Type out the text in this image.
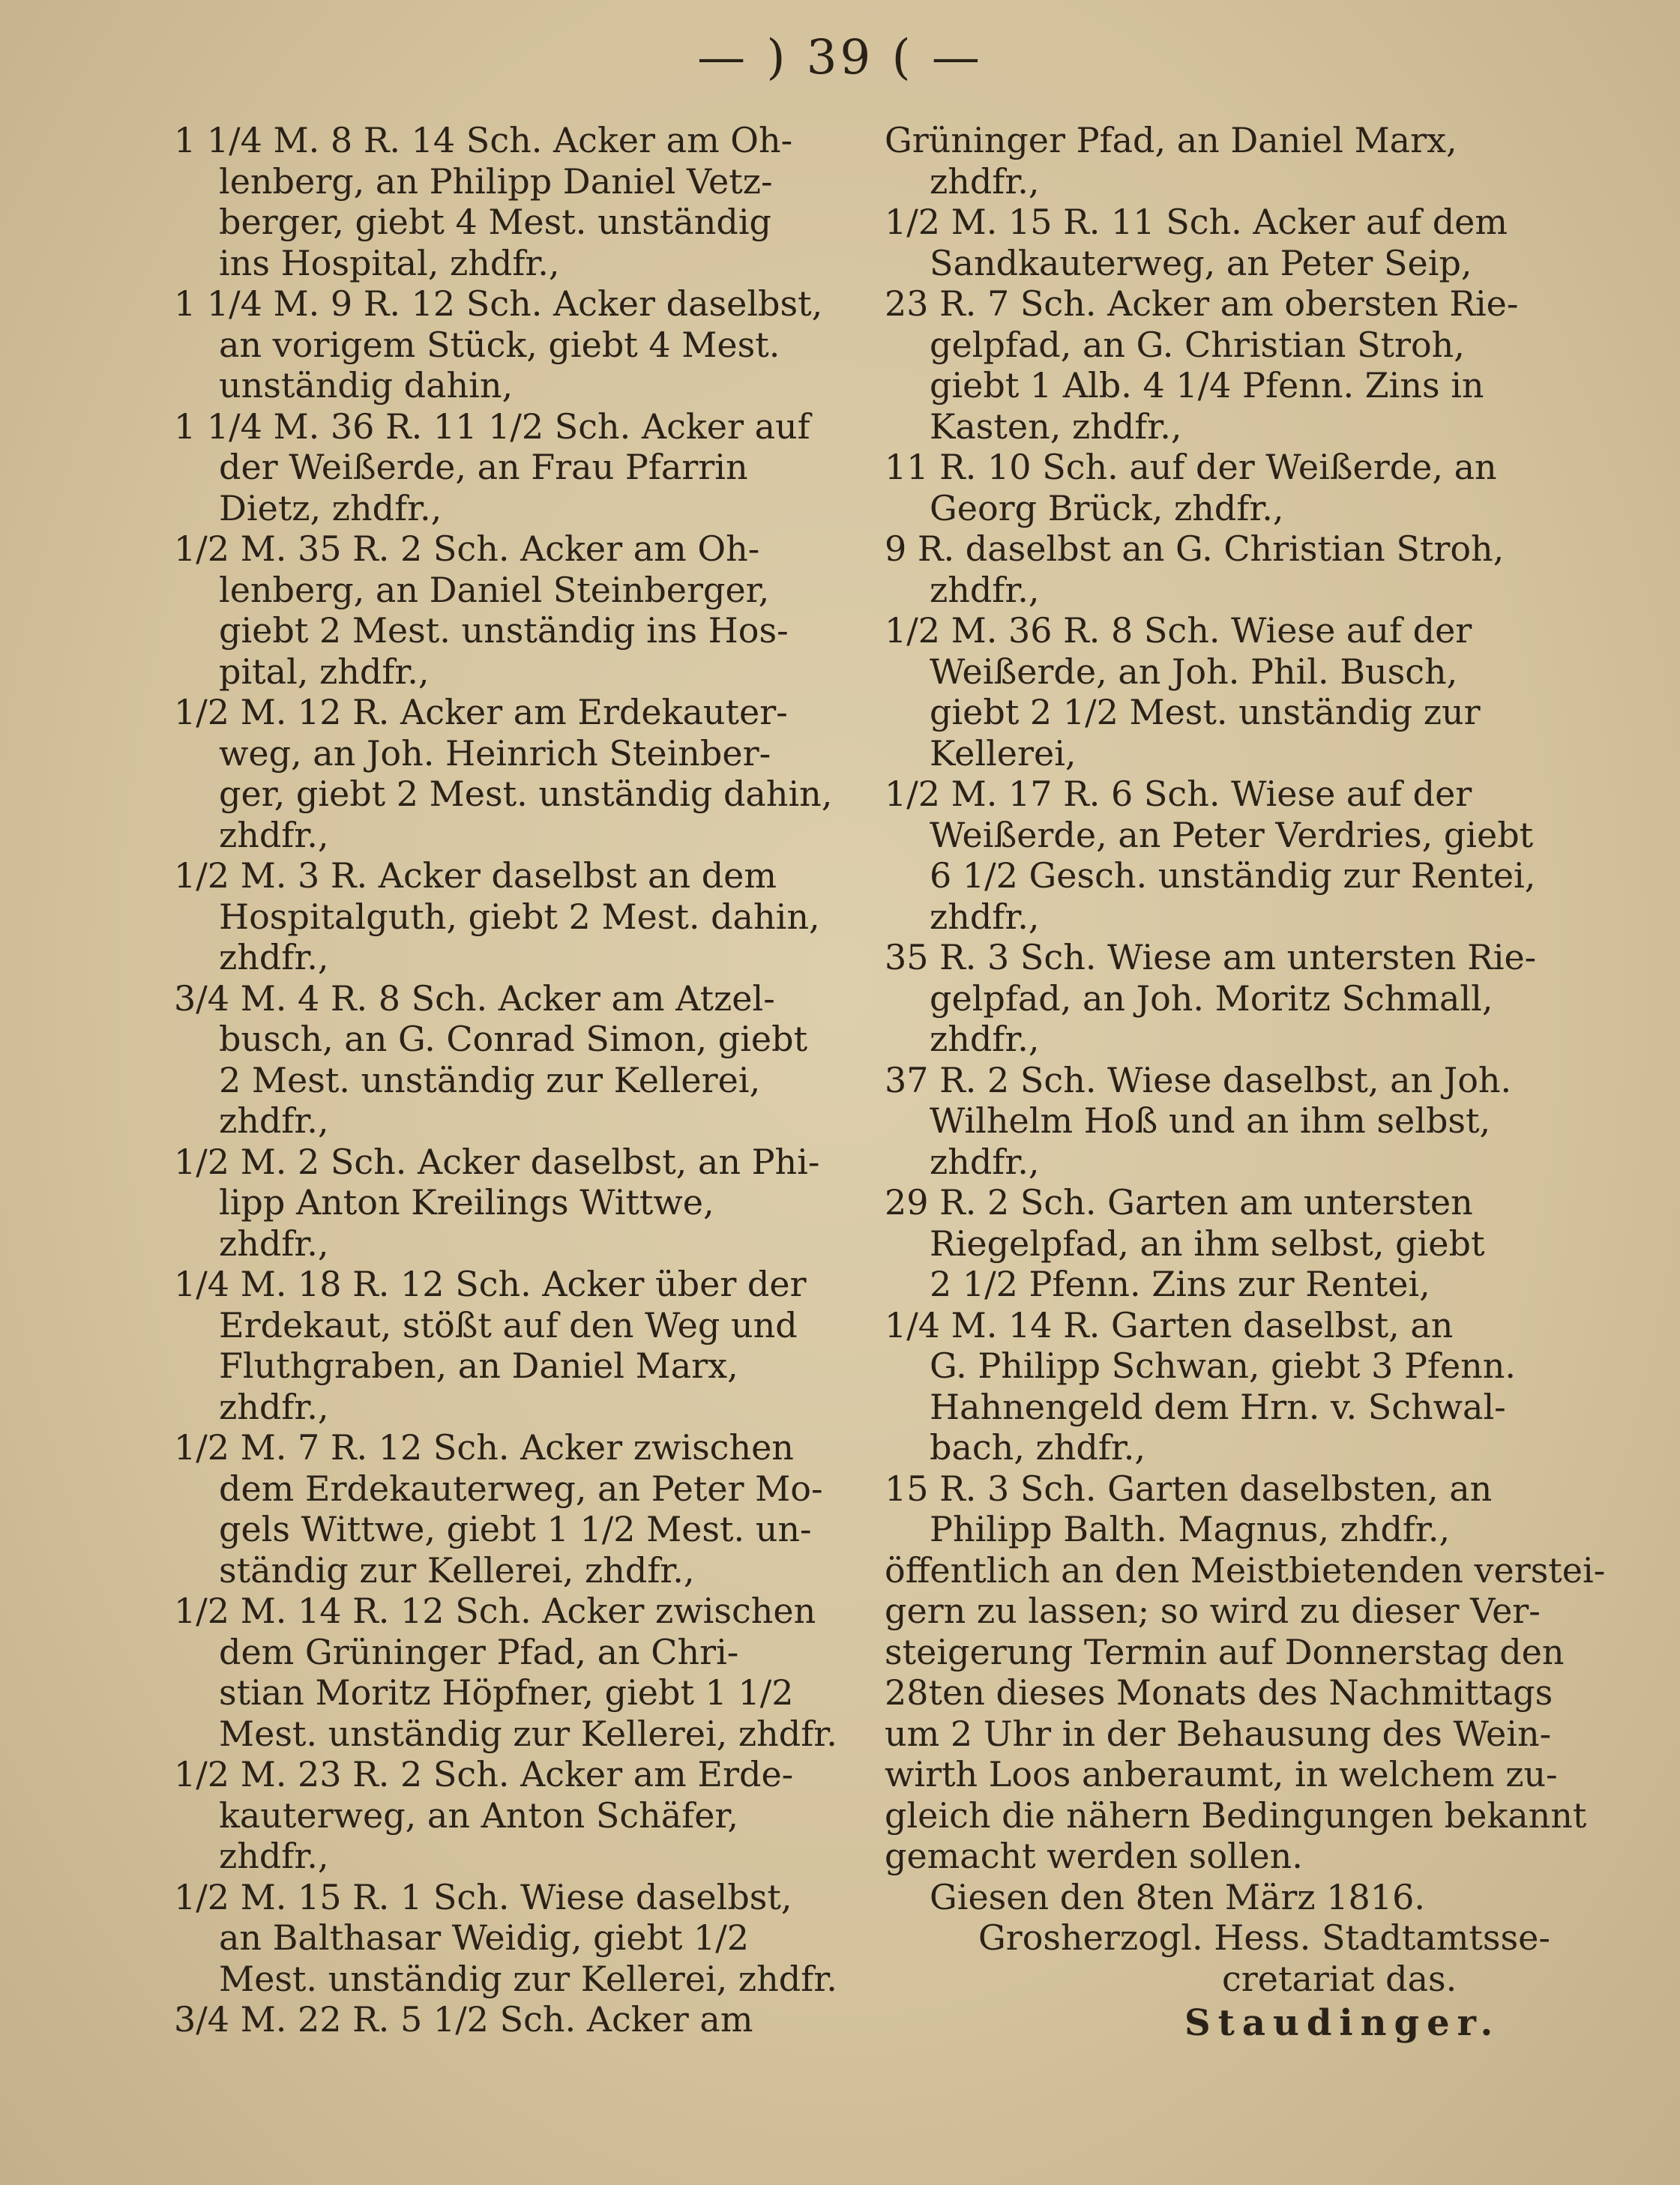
— ) 39 ( —
1 1/4 M. 8 R. 14 Sch. Acker am Oh-
lenberg, an Philipp Daniel Vetz-
berger, giebt 4 Mest. unständig
ins Hospital, zhdfr.,
1 1/4 M. 9 R. 12 Sch. Acker daselbst,
an vorigem Stück, giebt 4 Mest.
unständig dahin,
1 1/4 M. 36 R. 11 1/2 Sch. Acker auf
der Weißerde, an Frau Pfarrin
Dietz, zhdfr.,
1/2 M. 35 R. 2 Sch. Acker am Oh-
lenberg, an Daniel Steinberger,
giebt 2 Mest. unständig ins Hos-
pital, zhdfr.,
1/2 M. 12 R. Acker am Erdekauter-
weg, an Joh. Heinrich Steinber-
ger, giebt 2 Mest. unständig dahin,
zhdfr.,
1/2 M. 3 R. Acker daselbst an dem
Hospitalguth, giebt 2 Mest. dahin,
zhdfr.,
3/4 M. 4 R. 8 Sch. Acker am Atzel-
busch, an G. Conrad Simon, giebt
2 Mest. unständig zur Kellerei,
zhdfr.,
1/2 M. 2 Sch. Acker daselbst, an Phi-
lipp Anton Kreilings Wittwe,
zhdfr.,
1/4 M. 18 R. 12 Sch. Acker über der
Erdekaut, stößt auf den Weg und
Fluthgraben, an Daniel Marx,
zhdfr.,
1/2 M. 7 R. 12 Sch. Acker zwischen
dem Erdekauterweg, an Peter Mo-
gels Wittwe, giebt 1 1/2 Mest. un-
ständig zur Kellerei, zhdfr.,
1/2 M. 14 R. 12 Sch. Acker zwischen
dem Grüninger Pfad, an Chri-
stian Moritz Höpfner, giebt 1 1/2
Mest. unständig zur Kellerei, zhdfr.
1/2 M. 23 R. 2 Sch. Acker am Erde-
kauterweg, an Anton Schäfer,
zhdfr.,
1/2 M. 15 R. 1 Sch. Wiese daselbst,
an Balthasar Weidig, giebt 1/2
Mest. unständig zur Kellerei, zhdfr.
3/4 M. 22 R. 5 1/2 Sch. Acker am
Grüninger Pfad, an Daniel Marx,
zhdfr.,
1/2 M. 15 R. 11 Sch. Acker auf dem
Sandkauterweg, an Peter Seip,
23 R. 7 Sch. Acker am obersten Rie-
gelpfad, an G. Christian Stroh,
giebt 1 Alb. 4 1/4 Pfenn. Zins in
Kasten, zhdfr.,
11 R. 10 Sch. auf der Weißerde, an
Georg Brück, zhdfr.,
9 R. daselbst an G. Christian Stroh,
zhdfr.,
1/2 M. 36 R. 8 Sch. Wiese auf der
Weißerde, an Joh. Phil. Busch,
giebt 2 1/2 Mest. unständig zur
Kellerei,
1/2 M. 17 R. 6 Sch. Wiese auf der
Weißerde, an Peter Verdries, giebt
6 1/2 Gesch. unständig zur Rentei,
zhdfr.,
35 R. 3 Sch. Wiese am untersten Rie-
gelpfad, an Joh. Moritz Schmall,
zhdfr.,
37 R. 2 Sch. Wiese daselbst, an Joh.
Wilhelm Hoß und an ihm selbst,
zhdfr.,
29 R. 2 Sch. Garten am untersten
Riegelpfad, an ihm selbst, giebt
2 1/2 Pfenn. Zins zur Rentei,
1/4 M. 14 R. Garten daselbst, an
G. Philipp Schwan, giebt 3 Pfenn.
Hahnengeld dem Hrn. v. Schwal-
bach, zhdfr.,
15 R. 3 Sch. Garten daselbsten, an
Philipp Balth. Magnus, zhdfr.,
öffentlich an den Meistbietenden verstei-
gern zu lassen; so wird zu dieser Ver-
steigerung Termin auf Donnerstag den
28ten dieses Monats des Nachmittags
um 2 Uhr in der Behausung des Wein-
wirth Loos anberaumt, in welchem zu-
gleich die nähern Bedingungen bekannt
gemacht werden sollen.
Giesen den 8ten März 1816.
Grosherzogl. Hess. Stadtamtsse-
cretariat das.
Staudinger.
